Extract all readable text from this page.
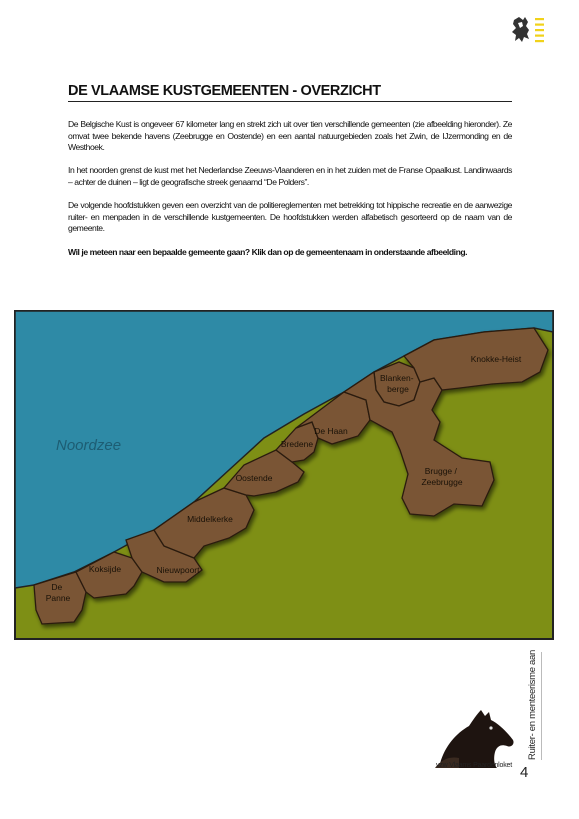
DE VLAAMSE KUSTGEMEENTEN - OVERZICHT

De Belgische Kust is ongeveer 67 kilometer lang en strekt zich uit over tien verschillende gemeenten (zie afbeelding hieronder). Ze omvat twee bekende havens (Zeebrugge en Oostende) en een aantal natuurgebieden zoals het Zwin, de IJzermonding en de Westhoek.

In het noorden grenst de kust met het Nederlandse Zeeuws-Vlaanderen en in het zuiden met de Franse Opaalkust. Landinwaards – achter de duinen – ligt de geografische streek genaamd “De Polders”.

De volgende hoofdstukken geven een overzicht van de politiereglementen met betrekking tot hippische recreatie en de aanwezige ruiter- en menpaden in de verschillende kustgemeenten. De hoofdstukken werden alfabetisch gesorteerd op de naam van de gemeente.

Wil je meteen naar een bepaalde gemeente gaan? Klik dan op de gemeentenaam in onderstaande afbeelding.

Noordzee
De Panne
Koksijde	Nieuwpoort
Middelkerke
Oostende
Bredene
De Haan
Blanken- berge
Brugge / Zeebrugge
Knokke-Heist
Ruiter- en menteerisme aan
vzw Vlaams Paardenloket 4
